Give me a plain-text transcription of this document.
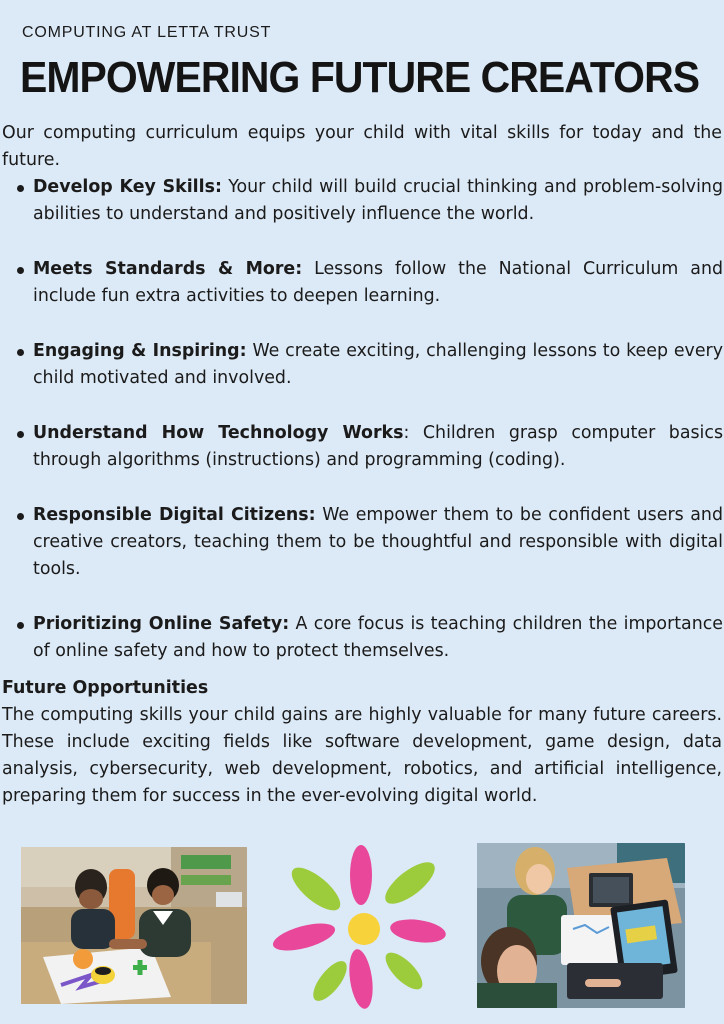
COMPUTING AT LETTA TRUST
EMPOWERING FUTURE CREATORS

Our computing curriculum equips your child with vital skills for today and the future.

Develop Key Skills: Your child will build crucial thinking and problem-solving abilities to understand and positively influence the world.
Meets Standards & More: Lessons follow the National Curriculum and include fun extra activities to deepen learning.
Engaging & Inspiring: We create exciting, challenging lessons to keep every child motivated and involved.
Understand How Technology Works: Children grasp computer basics through algorithms (instructions) and programming (coding).
Responsible Digital Citizens: We empower them to be confident users and creative creators, teaching them to be thoughtful and responsible with digital tools.
Prioritizing Online Safety: A core focus is teaching children the importance of online safety and how to protect themselves.
Future Opportunities

The computing skills your child gains are highly valuable for many future careers. These include exciting fields like software development, game design, data analysis, cybersecurity, web development, robotics, and artificial intelligence, preparing them for success in the ever-evolving digital world.
